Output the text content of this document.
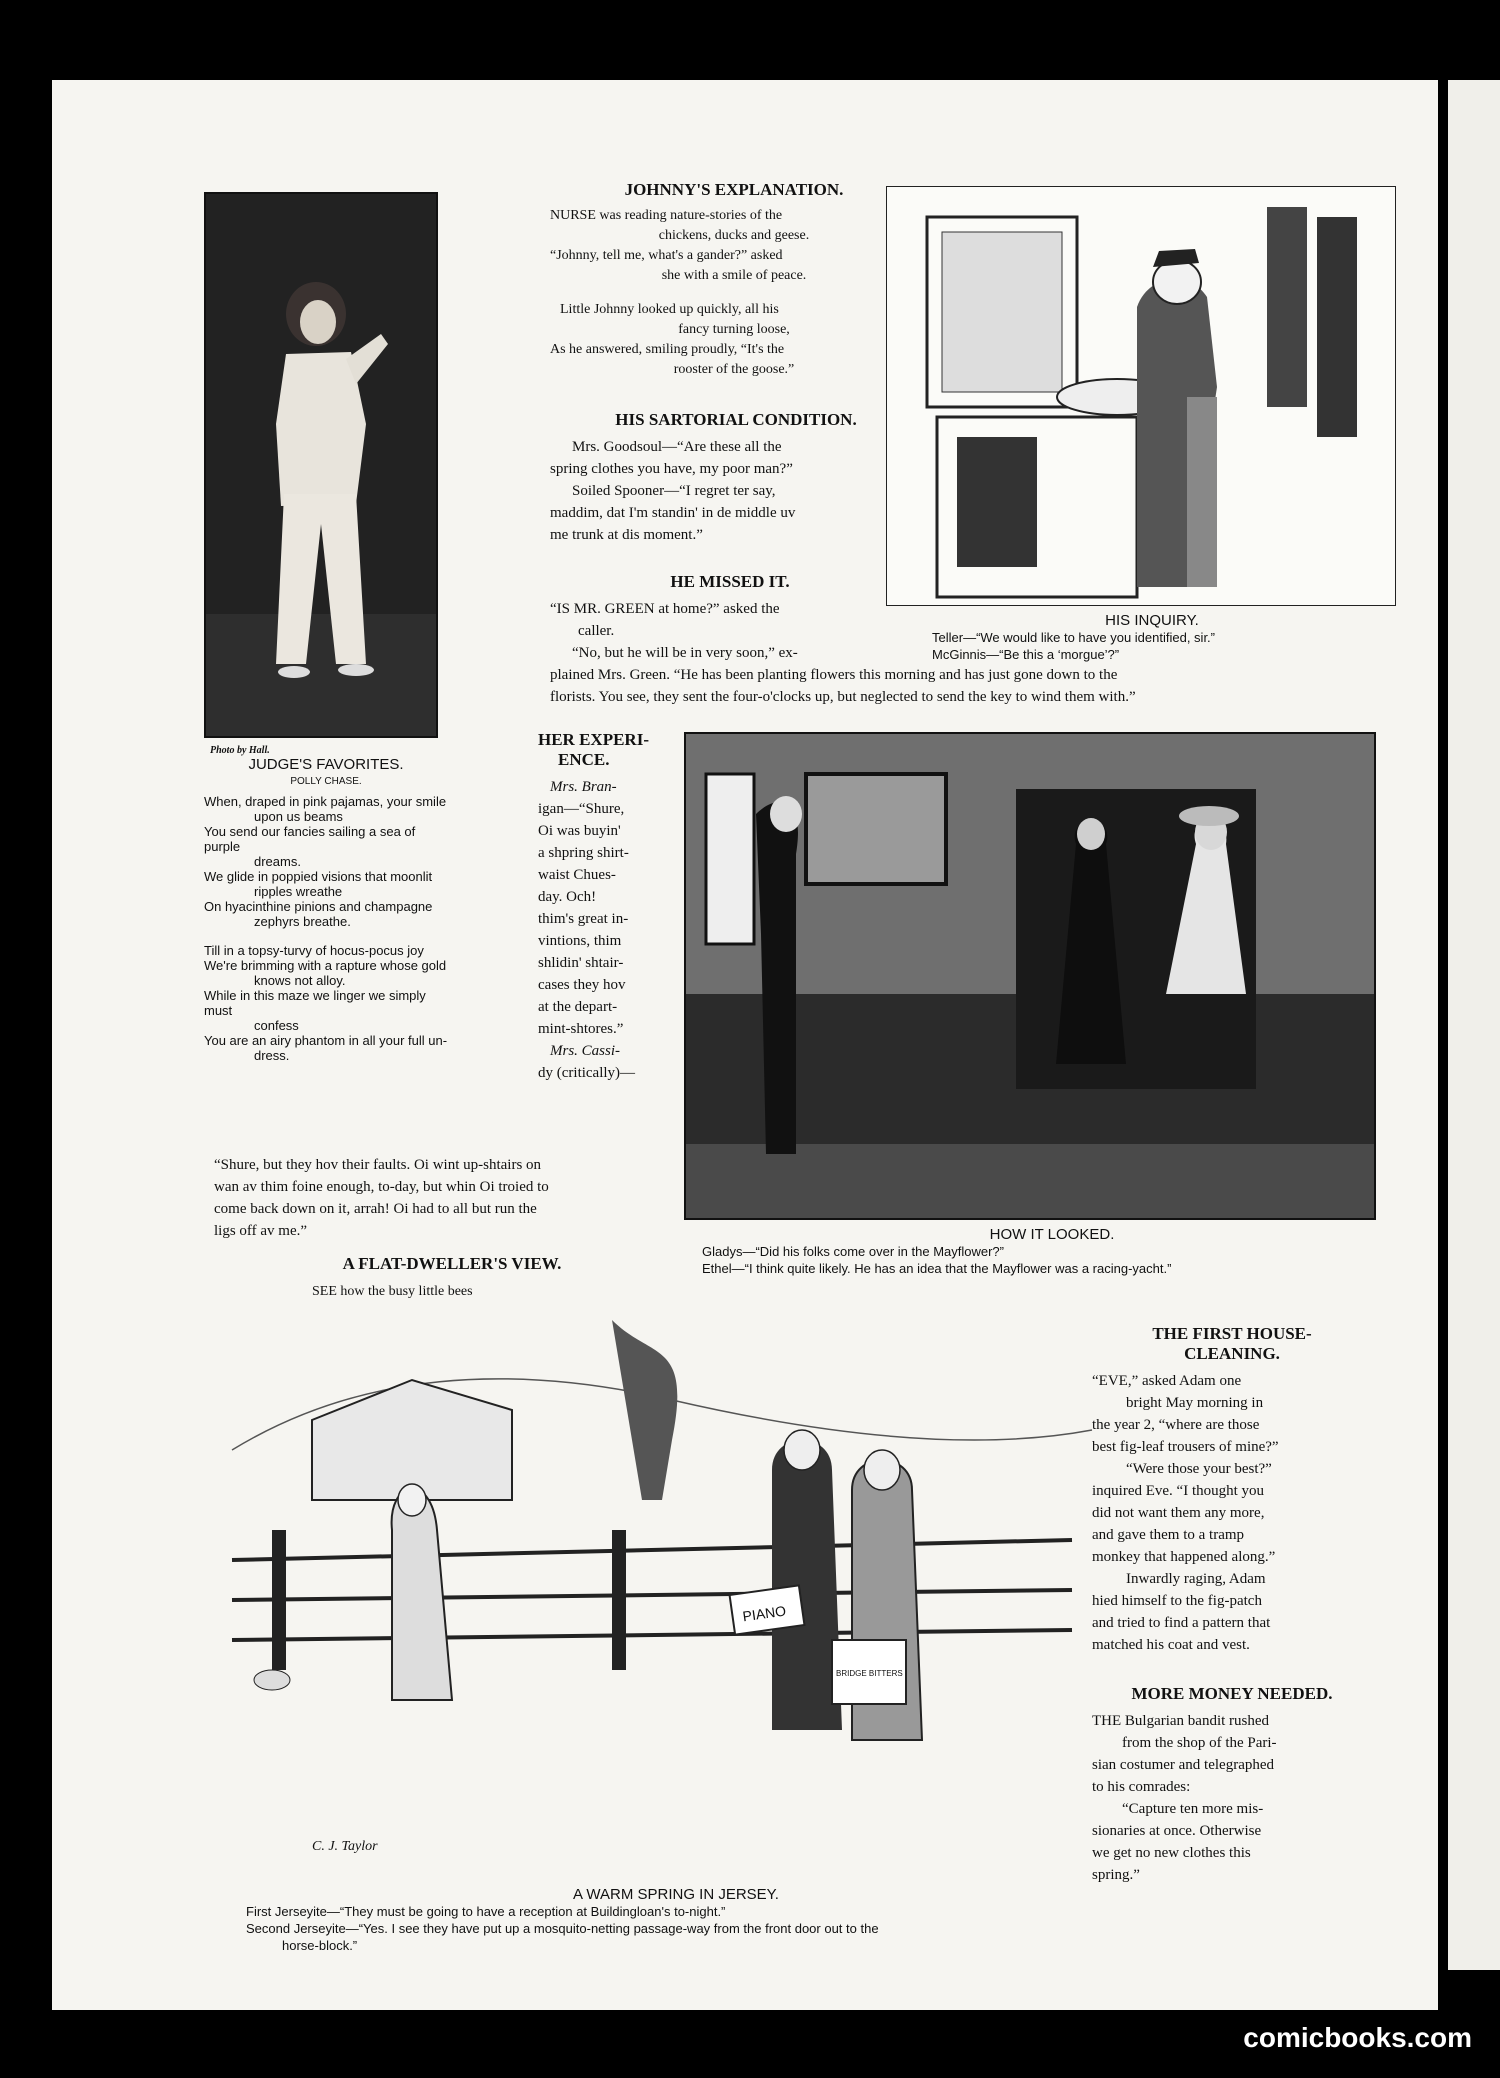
Photo by Hall.

JUDGE'S FAVORITES.

POLLY CHASE.

When, draped in pink pajamas, your smile
upon us beams
You send our fancies sailing a sea of purple
dreams.
We glide in poppied visions that moonlit
ripples wreathe
On hyacinthine pinions and champagne
zephyrs breathe.
Till in a topsy-turvy of hocus-pocus joy
We're brimming with a rapture whose gold
knows not alloy.
While in this maze we linger we simply must
confess
You are an airy phantom in all your full un-
dress.

JOHNNY'S EXPLANATION.

NURSE was reading nature-stories of the
chickens, ducks and geese.
“Johnny, tell me, what's a gander?” asked
she with a smile of peace.
Little Johnny looked up quickly, all his
fancy turning loose,
As he answered, smiling proudly, “It's the
rooster of the goose.”

HIS SARTORIAL CONDITION.

Mrs. Goodsoul—“Are these all the
spring clothes you have, my poor man?”
Soiled Spooner—“I regret ter say,
maddim, dat I'm standin' in de middle uv
me trunk at dis moment.”

HE MISSED IT.

“IS MR. GREEN at home?” asked the
caller.
“No, but he will be in very soon,” ex-
plained Mrs. Green. “He has been planting flowers this morning and has just gone down to the
florists. You see, they sent the four-o'clocks up, but neglected to send the key to wind them with.”

HIS INQUIRY.

Teller—“We would like to have you identified, sir.”

McGinnis—“Be this a ‘morgue’?”

HER EXPERI-

ENCE.

Mrs. Bran-
igan—“Shure,
Oi was buyin'
a shpring shirt-
waist Chues-
day. Och!
thim's great in-
vintions, thim
shlidin' shtair-
cases they hov
at the depart-
mint-shtores.”
Mrs. Cassi-
dy (critically)—
“Shure, but they hov their faults. Oi wint up-shtairs on
wan av thim foine enough, to-day, but whin Oi troied to
come back down on it, arrah! Oi had to all but run the
ligs off av me.”	HOW IT LOOKED.

Gladys—“Did his folks come over in the Mayflower?”

Ethel—“I think quite likely. He has an idea that the Mayflower was a racing-yacht.”

A FLAT-DWELLER'S VIEW.

SEE how the busy little bees
PIANO
BRIDGE BITTERS
C. J. Taylor

A WARM SPRING IN JERSEY.

First Jerseyite—“They must be going to have a reception at Buildingloan's to-night.”

Second Jerseyite—“Yes. I see they have put up a mosquito-netting passage-way from the front door out to the

horse-block.”

THE FIRST HOUSE-

CLEANING.

“EVE,” asked Adam one
bright May morning in
the year 2, “where are those
best fig-leaf trousers of mine?”
“Were those your best?”
inquired Eve. “I thought you
did not want them any more,
and gave them to a tramp
monkey that happened along.”
Inwardly raging, Adam
hied himself to the fig-patch
and tried to find a pattern that
matched his coat and vest.

MORE MONEY NEEDED.

THE Bulgarian bandit rushed
from the shop of the Pari-
sian costumer and telegraphed
to his comrades:
“Capture ten more mis-
sionaries at once. Otherwise
we get no new clothes this
spring.”
comicbooks.com
